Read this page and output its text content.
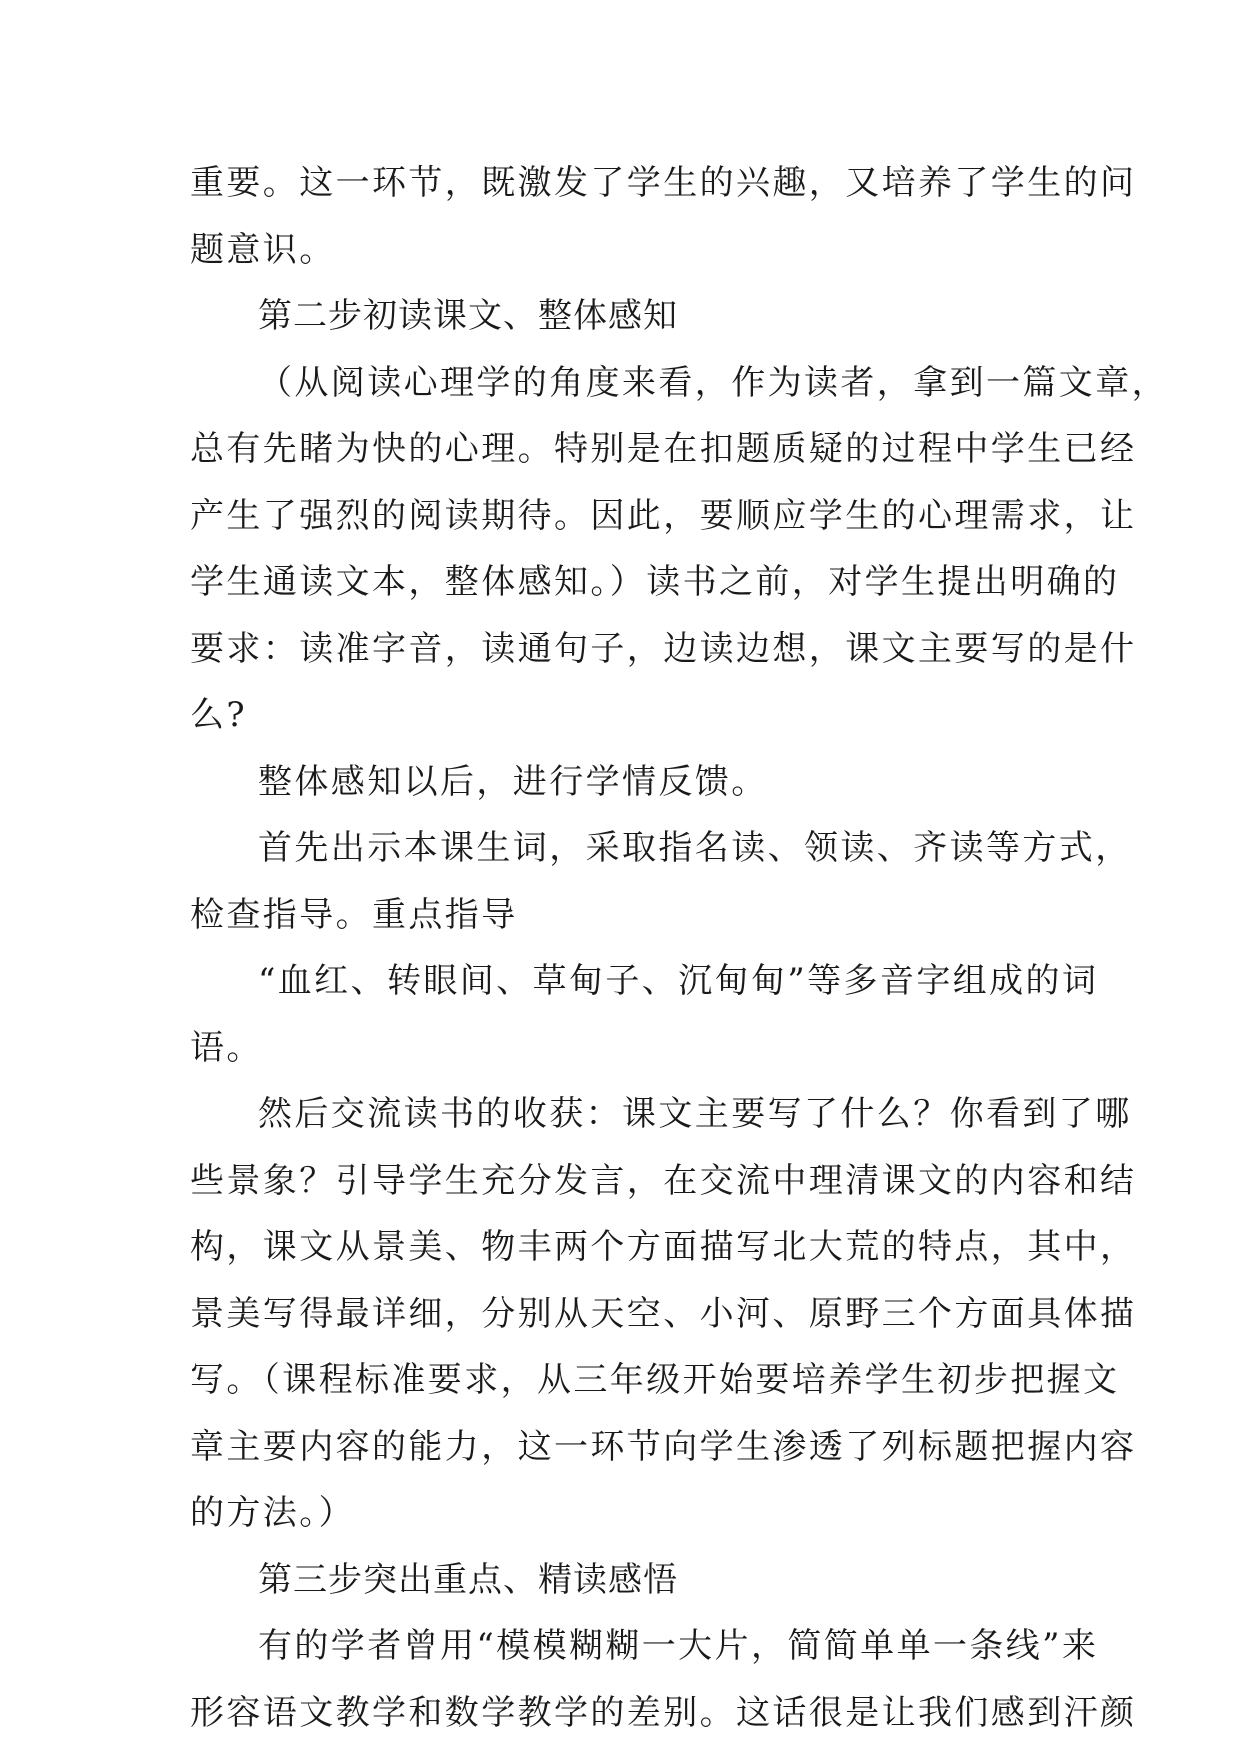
重要。这一环节，既激发了学生的兴趣，又培养了学生的问
题意识。
第二步初读课文、整体感知
（从阅读心理学的角度来看，作为读者，拿到一篇文章，
总有先睹为快的心理。特别是在扣题质疑的过程中学生已经
产生了强烈的阅读期待。因此，要顺应学生的心理需求，让
学生通读文本，整体感知。）读书之前，对学生提出明确的
要求：读准字音，读通句子，边读边想，课文主要写的是什
么?
整体感知以后，进行学情反馈。
首先出示本课生词，采取指名读、领读、齐读等方式，
检查指导。重点指导
“血红、转眼间、草甸子、沉甸甸”等多音字组成的词
语。
然后交流读书的收获：课文主要写了什么？你看到了哪
些景象？引导学生充分发言，在交流中理清课文的内容和结
构，课文从景美、物丰两个方面描写北大荒的特点，其中，
景美写得最详细，分别从天空、小河、原野三个方面具体描
写。（课程标准要求，从三年级开始要培养学生初步把握文
章主要内容的能力，这一环节向学生渗透了列标题把握内容
的方法。）
第三步突出重点、精读感悟
有的学者曾用“模模糊糊一大片，简简单单一条线”来
形容语文教学和数学教学的差别。这话很是让我们感到汗颜
